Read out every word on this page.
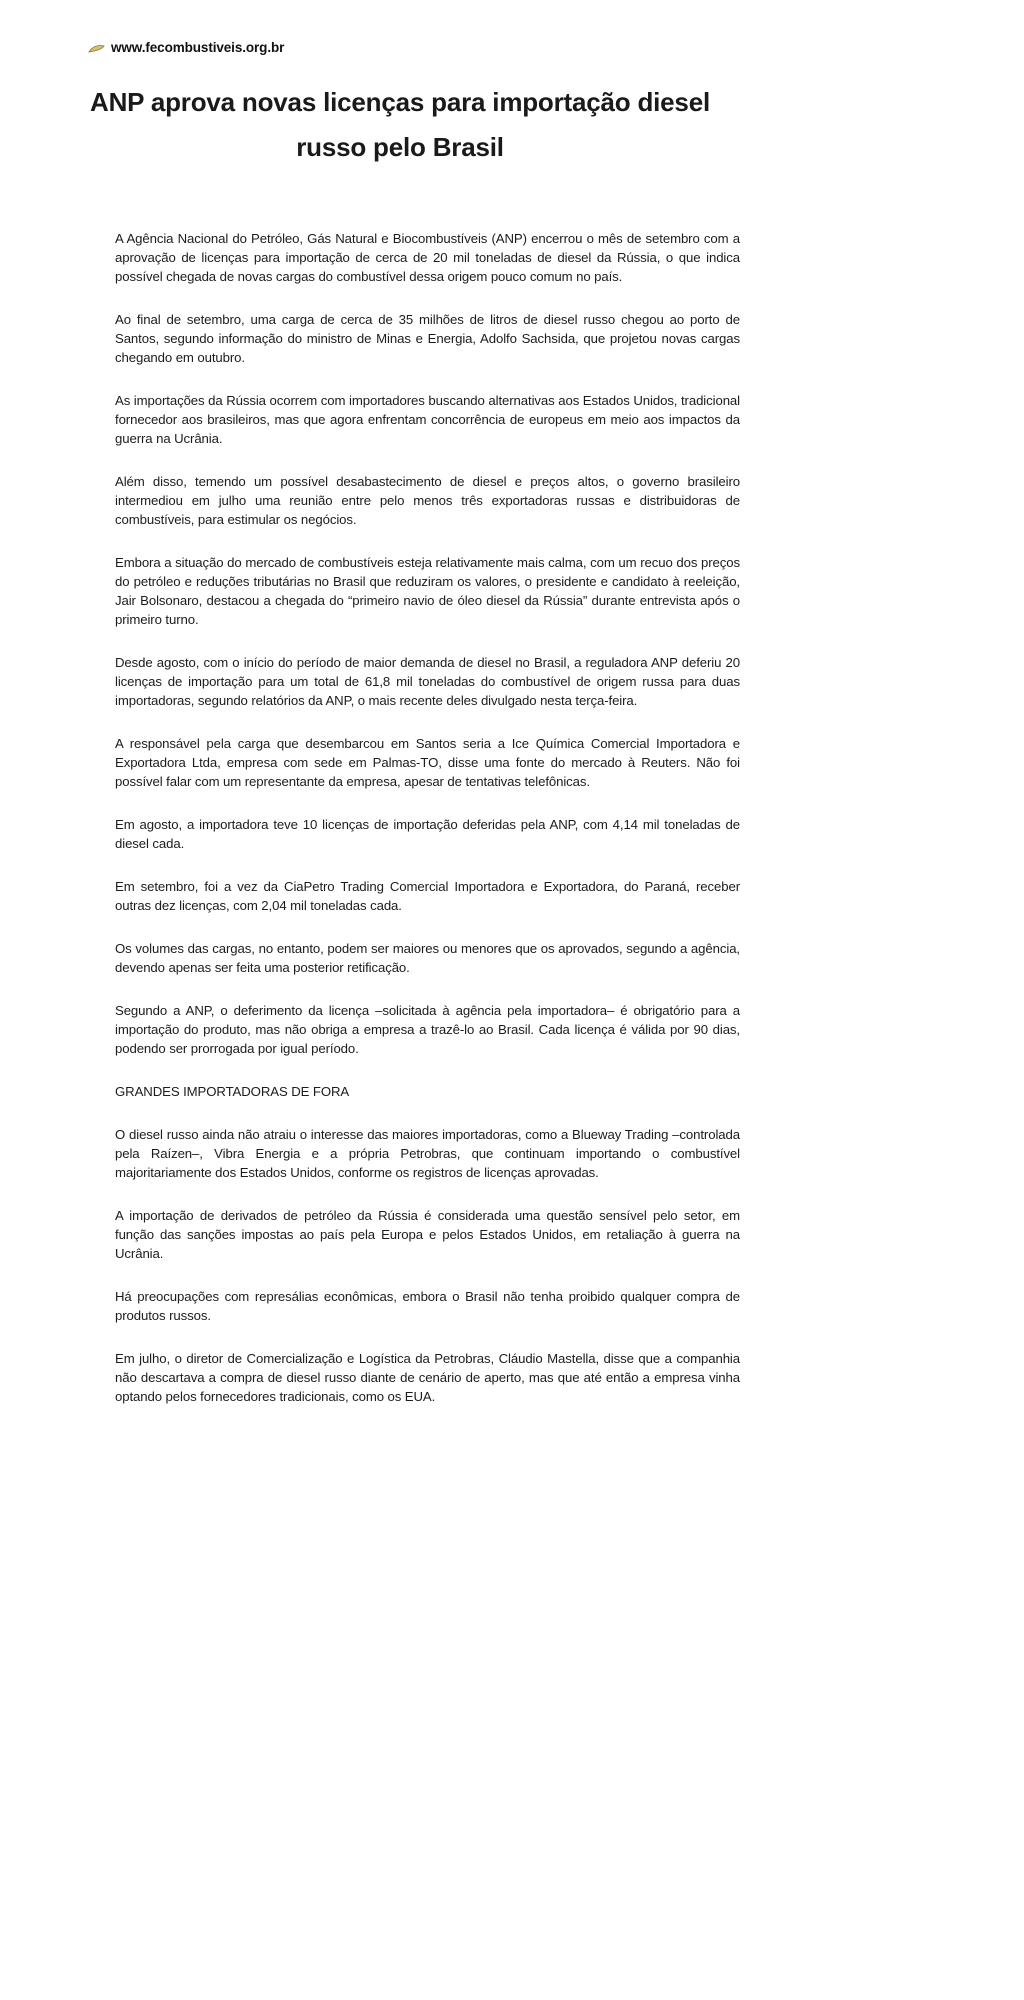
www.fecombustiveis.org.br
ANP aprova novas licenças para importação diesel russo pelo Brasil

A Agência Nacional do Petróleo, Gás Natural e Biocombustíveis (ANP) encerrou o mês de setembro com a aprovação de licenças para importação de cerca de 20 mil toneladas de diesel da Rússia, o que indica possível chegada de novas cargas do combustível dessa origem pouco comum no país.

Ao final de setembro, uma carga de cerca de 35 milhões de litros de diesel russo chegou ao porto de Santos, segundo informação do ministro de Minas e Energia, Adolfo Sachsida, que projetou novas cargas chegando em outubro.

As importações da Rússia ocorrem com importadores buscando alternativas aos Estados Unidos, tradicional fornecedor aos brasileiros, mas que agora enfrentam concorrência de europeus em meio aos impactos da guerra na Ucrânia.

Além disso, temendo um possível desabastecimento de diesel e preços altos, o governo brasileiro intermediou em julho uma reunião entre pelo menos três exportadoras russas e distribuidoras de combustíveis, para estimular os negócios.

Embora a situação do mercado de combustíveis esteja relativamente mais calma, com um recuo dos preços do petróleo e reduções tributárias no Brasil que reduziram os valores, o presidente e candidato à reeleição, Jair Bolsonaro, destacou a chegada do “primeiro navio de óleo diesel da Rússia” durante entrevista após o primeiro turno.

Desde agosto, com o início do período de maior demanda de diesel no Brasil, a reguladora ANP deferiu 20 licenças de importação para um total de 61,8 mil toneladas do combustível de origem russa para duas importadoras, segundo relatórios da ANP, o mais recente deles divulgado nesta terça-feira.

A responsável pela carga que desembarcou em Santos seria a Ice Química Comercial Importadora e Exportadora Ltda, empresa com sede em Palmas-TO, disse uma fonte do mercado à Reuters. Não foi possível falar com um representante da empresa, apesar de tentativas telefônicas.

Em agosto, a importadora teve 10 licenças de importação deferidas pela ANP, com 4,14 mil toneladas de diesel cada.

Em setembro, foi a vez da CiaPetro Trading Comercial Importadora e Exportadora, do Paraná, receber outras dez licenças, com 2,04 mil toneladas cada.

Os volumes das cargas, no entanto, podem ser maiores ou menores que os aprovados, segundo a agência, devendo apenas ser feita uma posterior retificação.

Segundo a ANP, o deferimento da licença –solicitada à agência pela importadora– é obrigatório para a importação do produto, mas não obriga a empresa a trazê-lo ao Brasil. Cada licença é válida por 90 dias, podendo ser prorrogada por igual período.

GRANDES IMPORTADORAS DE FORA

O diesel russo ainda não atraiu o interesse das maiores importadoras, como a Blueway Trading –controlada pela Raízen–, Vibra Energia e a própria Petrobras, que continuam importando o combustível majoritariamente dos Estados Unidos, conforme os registros de licenças aprovadas.

A importação de derivados de petróleo da Rússia é considerada uma questão sensível pelo setor, em função das sanções impostas ao país pela Europa e pelos Estados Unidos, em retaliação à guerra na Ucrânia.

Há preocupações com represálias econômicas, embora o Brasil não tenha proibido qualquer compra de produtos russos.

Em julho, o diretor de Comercialização e Logística da Petrobras, Cláudio Mastella, disse que a companhia não descartava a compra de diesel russo diante de cenário de aperto, mas que até então a empresa vinha optando pelos fornecedores tradicionais, como os EUA.
